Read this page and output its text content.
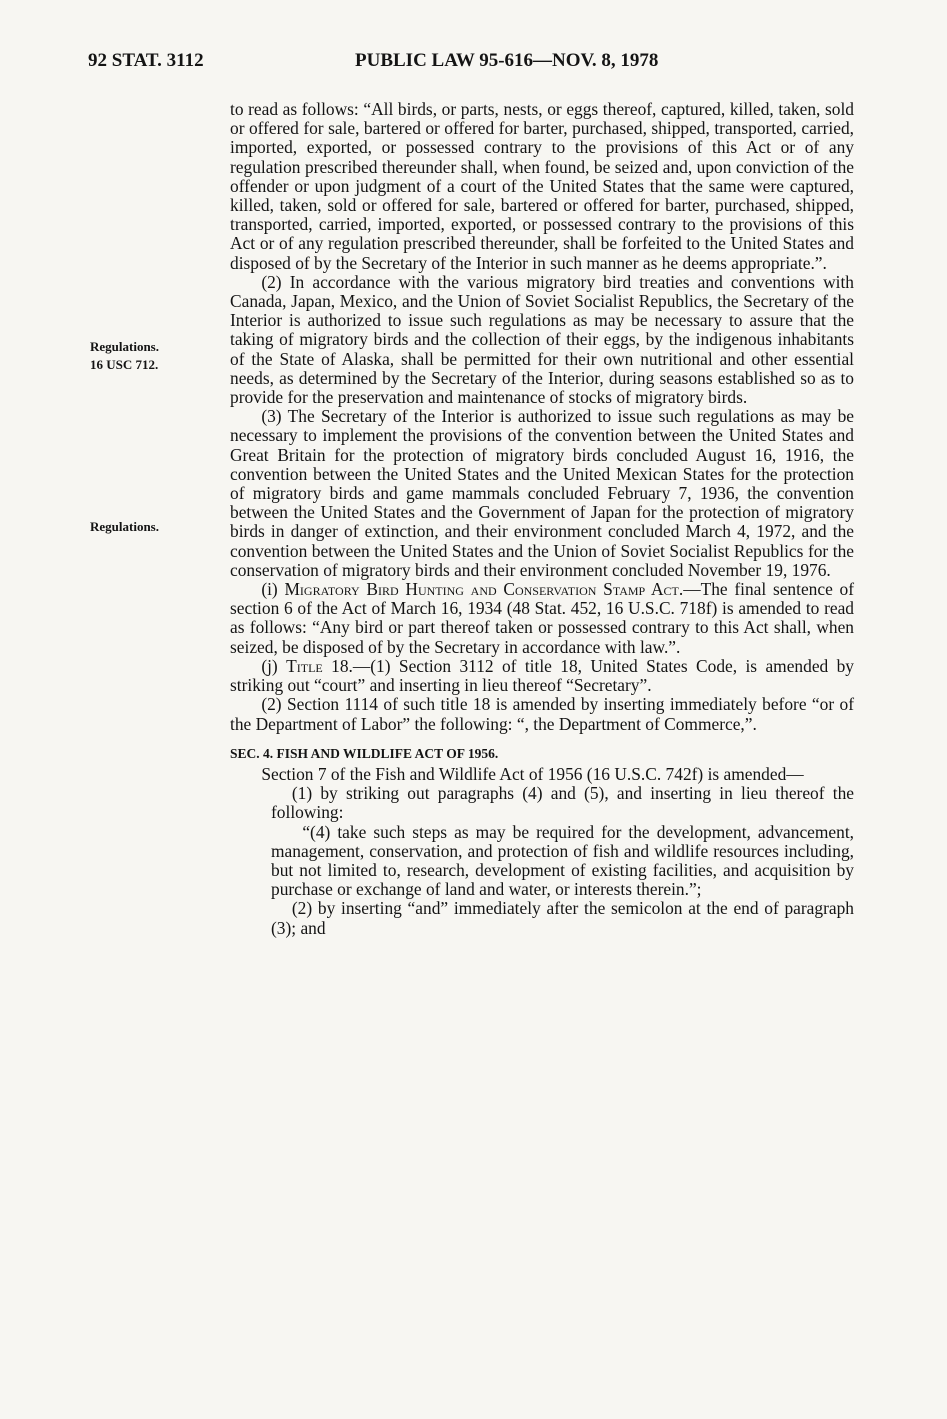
92 STAT. 3112	PUBLIC LAW 95-616—NOV. 8, 1978
Regulations.
16 USC 712.
Regulations.

to read as follows: “All birds, or parts, nests, or eggs thereof, captured, killed, taken, sold or offered for sale, bartered or offered for barter, purchased, shipped, transported, carried, imported, exported, or possessed contrary to the provisions of this Act or of any regulation prescribed thereunder shall, when found, be seized and, upon conviction of the offender or upon judgment of a court of the United States that the same were captured, killed, taken, sold or offered for sale, bartered or offered for barter, purchased, shipped, transported, carried, imported, exported, or possessed contrary to the provisions of this Act or of any regulation prescribed thereunder, shall be forfeited to the United States and disposed of by the Secretary of the Interior in such manner as he deems appropriate.”.

(2) In accordance with the various migratory bird treaties and conventions with Canada, Japan, Mexico, and the Union of Soviet Socialist Republics, the Secretary of the Interior is authorized to issue such regulations as may be necessary to assure that the taking of migratory birds and the collection of their eggs, by the indigenous inhabitants of the State of Alaska, shall be permitted for their own nutritional and other essential needs, as determined by the Secretary of the Interior, during seasons established so as to provide for the preservation and maintenance of stocks of migratory birds.

(3) The Secretary of the Interior is authorized to issue such regulations as may be necessary to implement the provisions of the convention between the United States and Great Britain for the protection of migratory birds concluded August 16, 1916, the convention between the United States and the United Mexican States for the protection of migratory birds and game mammals concluded February 7, 1936, the convention between the United States and the Government of Japan for the protection of migratory birds in danger of extinction, and their environment concluded March 4, 1972, and the convention between the United States and the Union of Soviet Socialist Republics for the conservation of migratory birds and their environment concluded November 19, 1976.

(i) Migratory Bird Hunting and Conservation Stamp Act.—The final sentence of section 6 of the Act of March 16, 1934 (48 Stat. 452, 16 U.S.C. 718f) is amended to read as follows: “Any bird or part thereof taken or possessed contrary to this Act shall, when seized, be disposed of by the Secretary in accordance with law.”.

(j) Title 18.—(1) Section 3112 of title 18, United States Code, is amended by striking out “court” and inserting in lieu thereof “Secretary”.

(2) Section 1114 of such title 18 is amended by inserting immediately before “or of the Department of Labor” the following: “, the Department of Commerce,”.

SEC. 4. FISH AND WILDLIFE ACT OF 1956.

Section 7 of the Fish and Wildlife Act of 1956 (16 U.S.C. 742f) is amended—

(1) by striking out paragraphs (4) and (5), and inserting in lieu thereof the following:

“(4) take such steps as may be required for the development, advancement, management, conservation, and protection of fish and wildlife resources including, but not limited to, research, development of existing facilities, and acquisition by purchase or exchange of land and water, or interests therein.”;

(2) by inserting “and” immediately after the semicolon at the end of paragraph (3); and
